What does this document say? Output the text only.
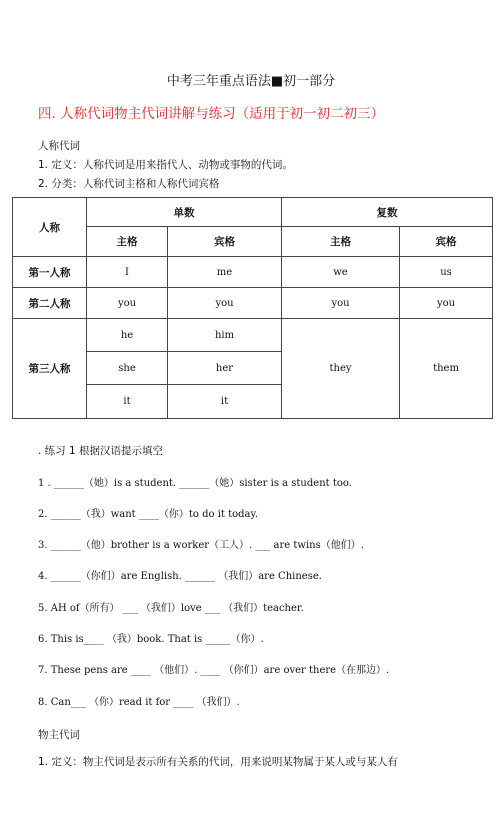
中考三年重点语法■初一部分
四. 人称代词物主代词讲解与练习（适用于初一初二初三）
人称代词
1. 定义：人称代词是用来指代人、动物或事物的代词。
2. 分类：人称代词主格和人称代词宾格
人称	单数		复数	
	主格	宾格	主格	宾格
第一人称	I	me	we	us
第二人称	you	you	you	you
第三人称	he	him	they	them
	she	her		
	it	it		
. 练习 1 根据汉语提示填空
1 . ______（她）is a student. ______（她）sister is a student too.
2. ______（我）want ____（你）to do it today.
3. ______（他）brother is a worker（工人）. ___ are twins（他们）.
4. ______（你们）are English. ______ （我们）are Chinese.
5. AH of（所有） ___ （我们）love ___ （我们）teacher.
6. This is____ （我）book. That is _____（你）.
7. These pens are ____ （他们）. ____ （你们）are over there（在那边）.
8. Can___ （你）read it for ____ （我们）.
物主代词
1. 定义：物主代词是表示所有关系的代词，用来说明某物属于某人或与某人有
